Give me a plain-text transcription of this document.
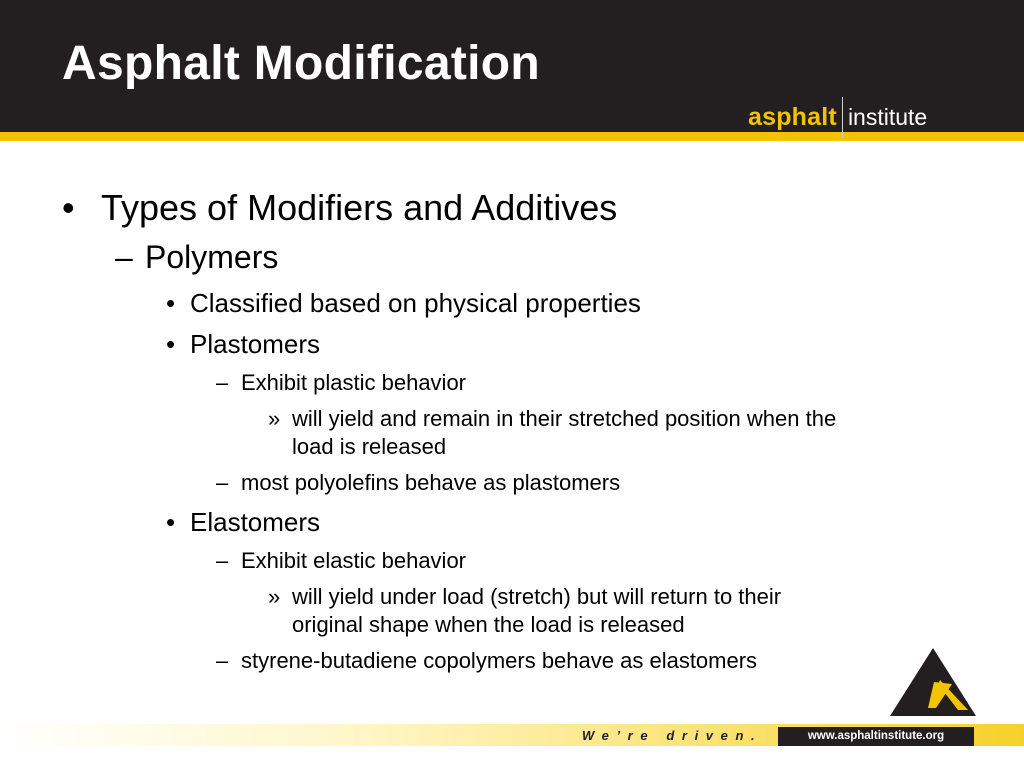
Asphalt Modification
asphalt institute
• Types of Modifiers and Additives
– Polymers
• Classified based on physical properties
• Plastomers
– Exhibit plastic behavior
» will yield and remain in their stretched position when the
load is released
– most polyolefins behave as plastomers
• Elastomers
– Exhibit elastic behavior
» will yield under load (stretch) but will return to their
original shape when the load is released
– styrene-butadiene copolymers behave as elastomers
We’re driven.	www.asphaltinstitute.org
